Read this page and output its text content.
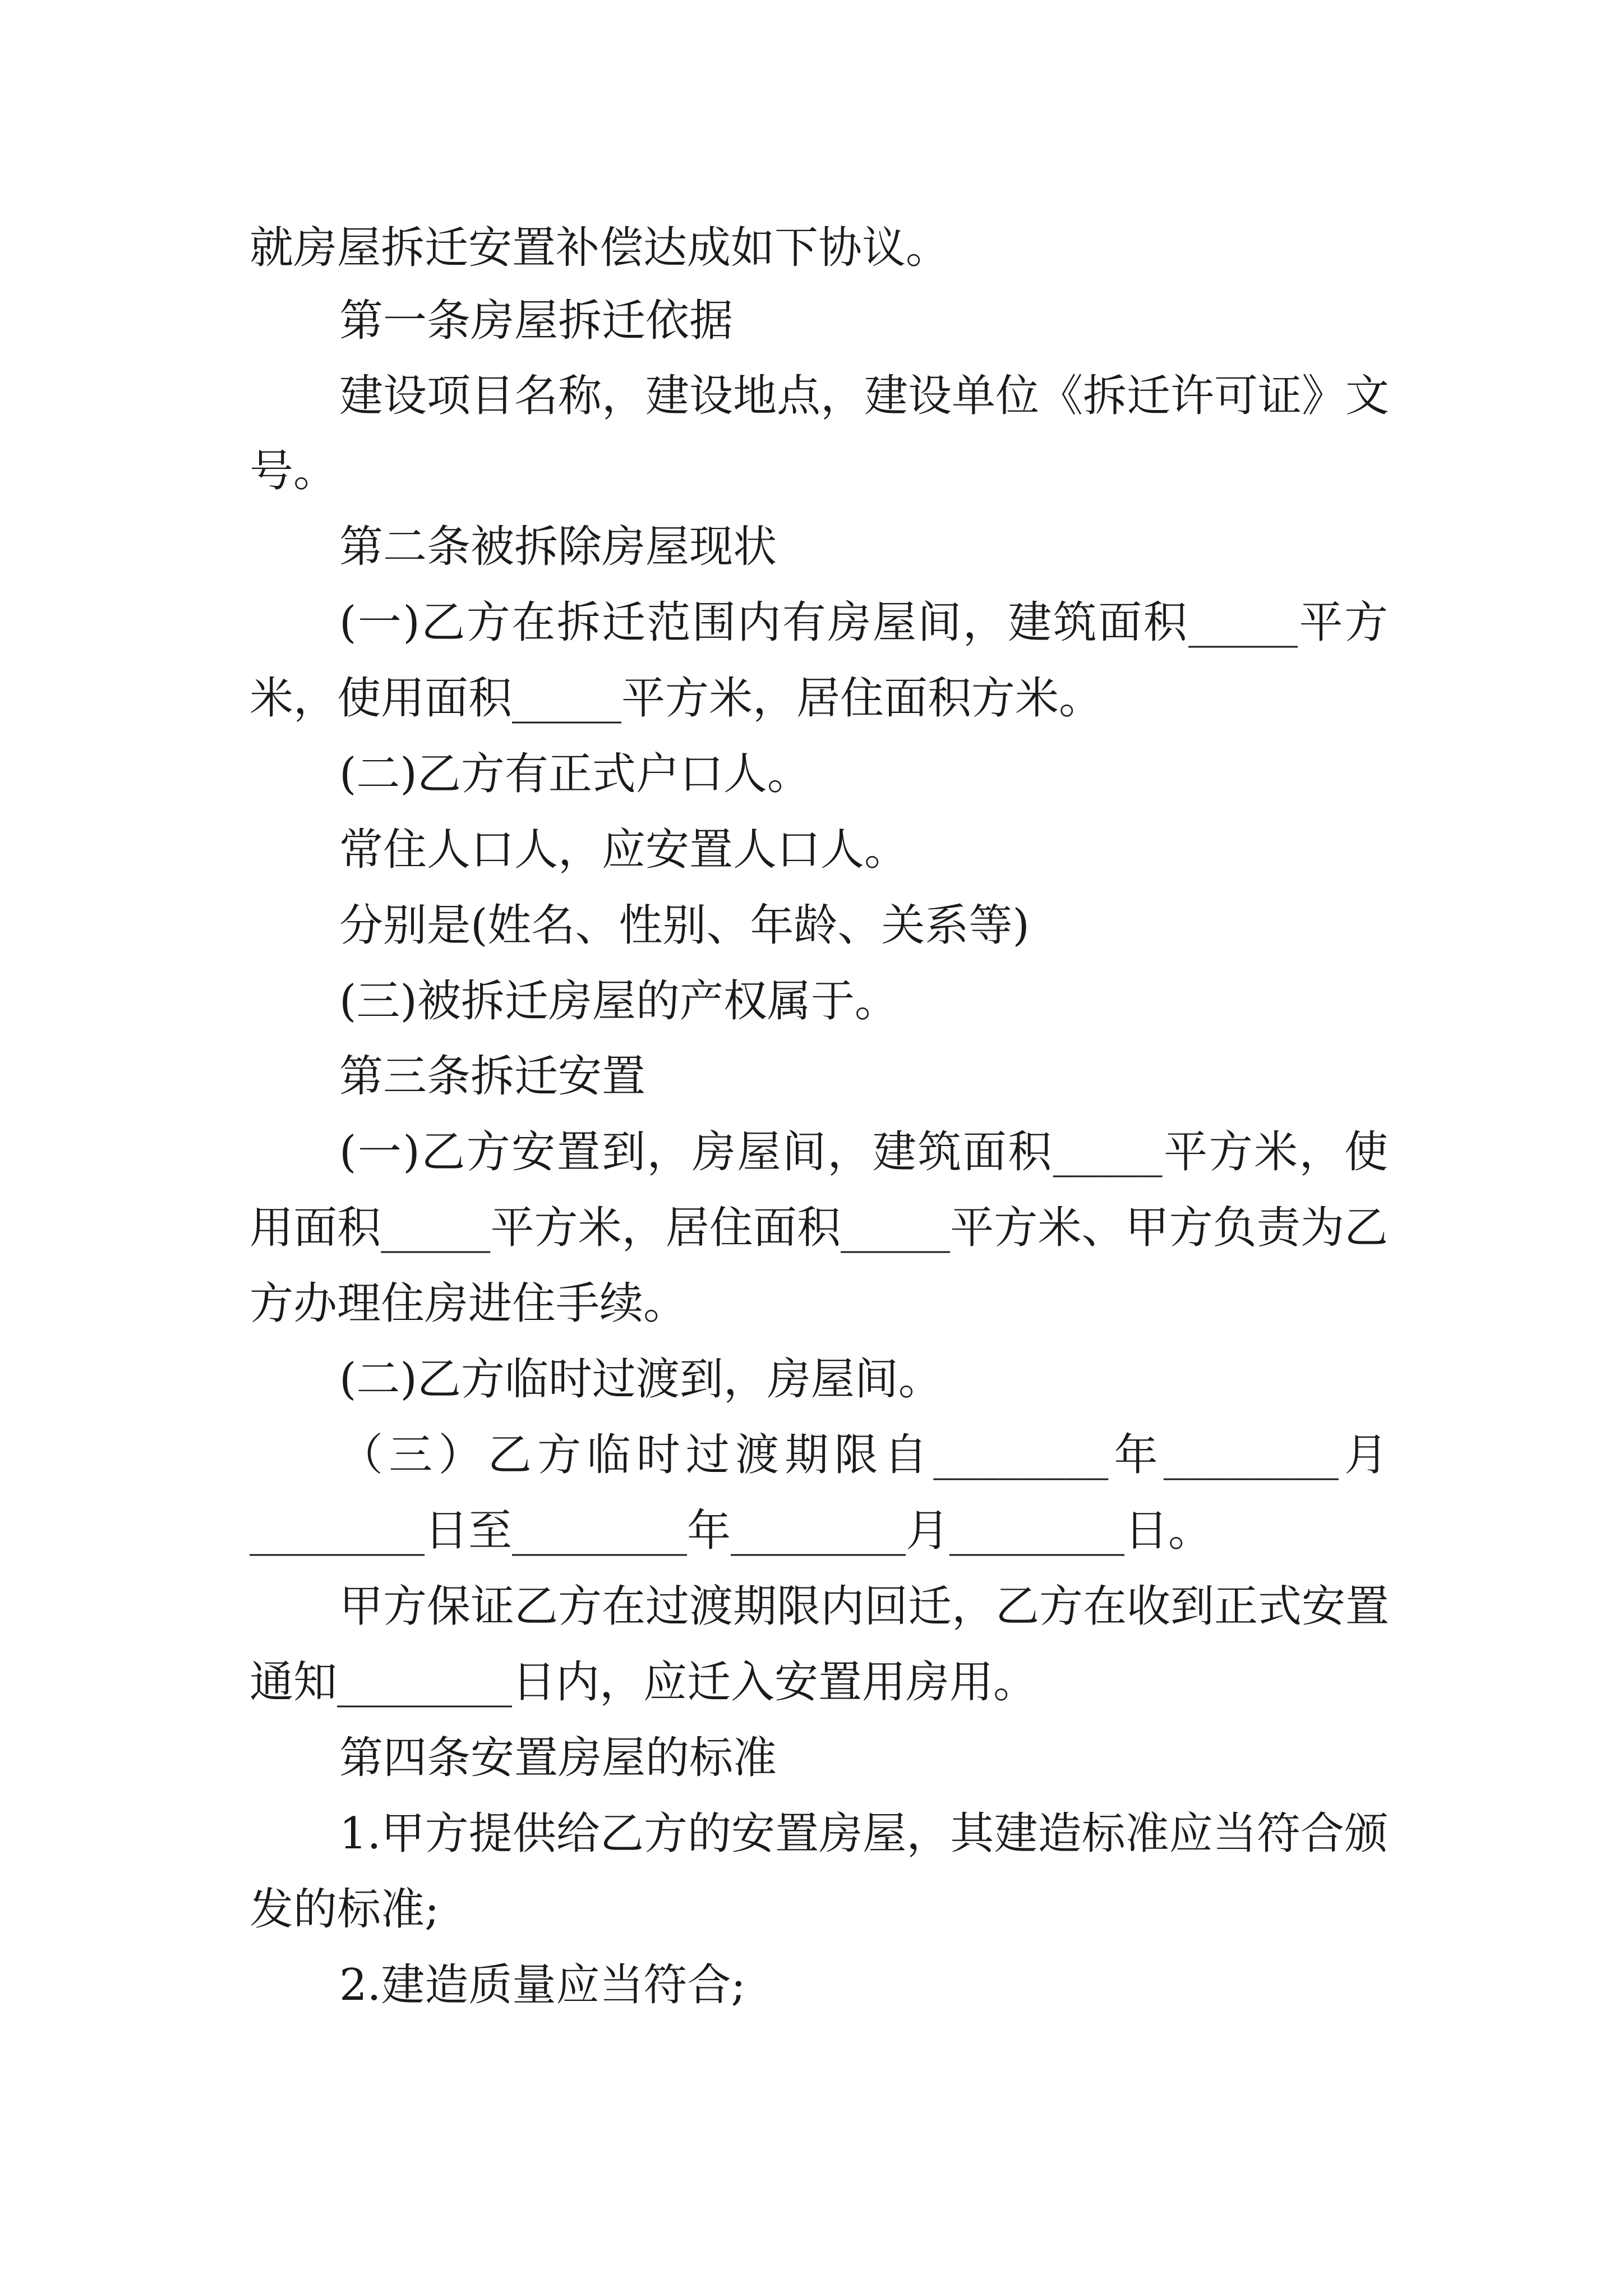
就房屋拆迁安置补偿达成如下协议。
第一条房屋拆迁依据
建设项目名称，建设地点，建设单位《拆迁许可证》文
号。
第二条被拆除房屋现状
(一)乙方在拆迁范围内有房屋间，建筑面积_____平方
米，使用面积_____平方米，居住面积方米。
(二)乙方有正式户口人。
常住人口人，应安置人口人。
分别是(姓名、性别、年龄、关系等)
(三)被拆迁房屋的产权属于。
第三条拆迁安置
(一)乙方安置到，房屋间，建筑面积_____平方米，使
用面积_____平方米，居住面积_____平方米、甲方负责为乙
方办理住房进住手续。
(二)乙方临时过渡到，房屋间。
（三）乙方临时过渡期限自________年________月
________日至________年________月________日。
甲方保证乙方在过渡期限内回迁，乙方在收到正式安置
通知________日内，应迁入安置用房用。
第四条安置房屋的标准
1.甲方提供给乙方的安置房屋，其建造标准应当符合颁
发的标准;
2.建造质量应当符合;
